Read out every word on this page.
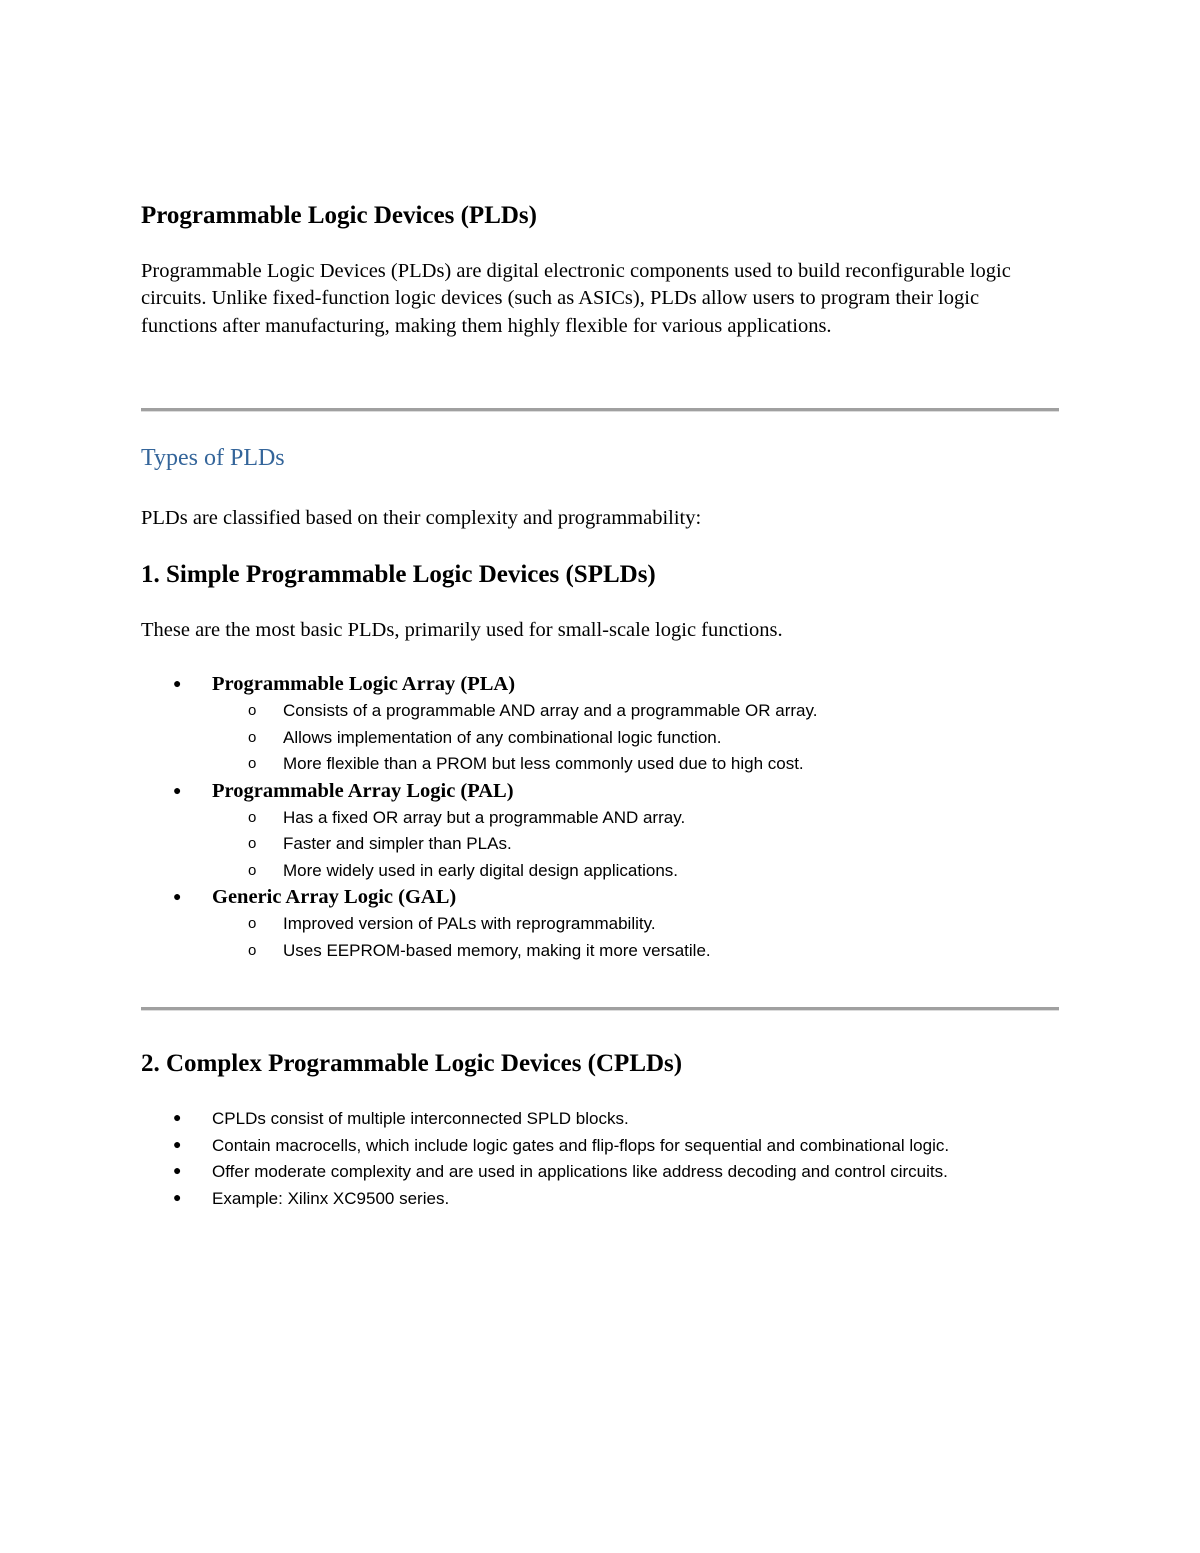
Programmable Logic Devices (PLDs)

Programmable Logic Devices (PLDs) are digital electronic components used to build reconfigurable logic circuits. Unlike fixed-function logic devices (such as ASICs), PLDs allow users to program their logic functions after manufacturing, making them highly flexible for various applications.

Types of PLDs

PLDs are classified based on their complexity and programmability:

1. Simple Programmable Logic Devices (SPLDs)

These are the most basic PLDs, primarily used for small-scale logic functions.

● Programmable Logic Array (PLA)
o Consists of a programmable AND array and a programmable OR array.
o Allows implementation of any combinational logic function.
o More flexible than a PROM but less commonly used due to high cost.
● Programmable Array Logic (PAL)
o Has a fixed OR array but a programmable AND array.
o Faster and simpler than PLAs.
o More widely used in early digital design applications.
● Generic Array Logic (GAL)
o Improved version of PALs with reprogrammability.
o Uses EEPROM-based memory, making it more versatile.
2. Complex Programmable Logic Devices (CPLDs)
● CPLDs consist of multiple interconnected SPLD blocks.
● Contain macrocells, which include logic gates and flip-flops for sequential and combinational logic.
● Offer moderate complexity and are used in applications like address decoding and control circuits.
● Example: Xilinx XC9500 series.
